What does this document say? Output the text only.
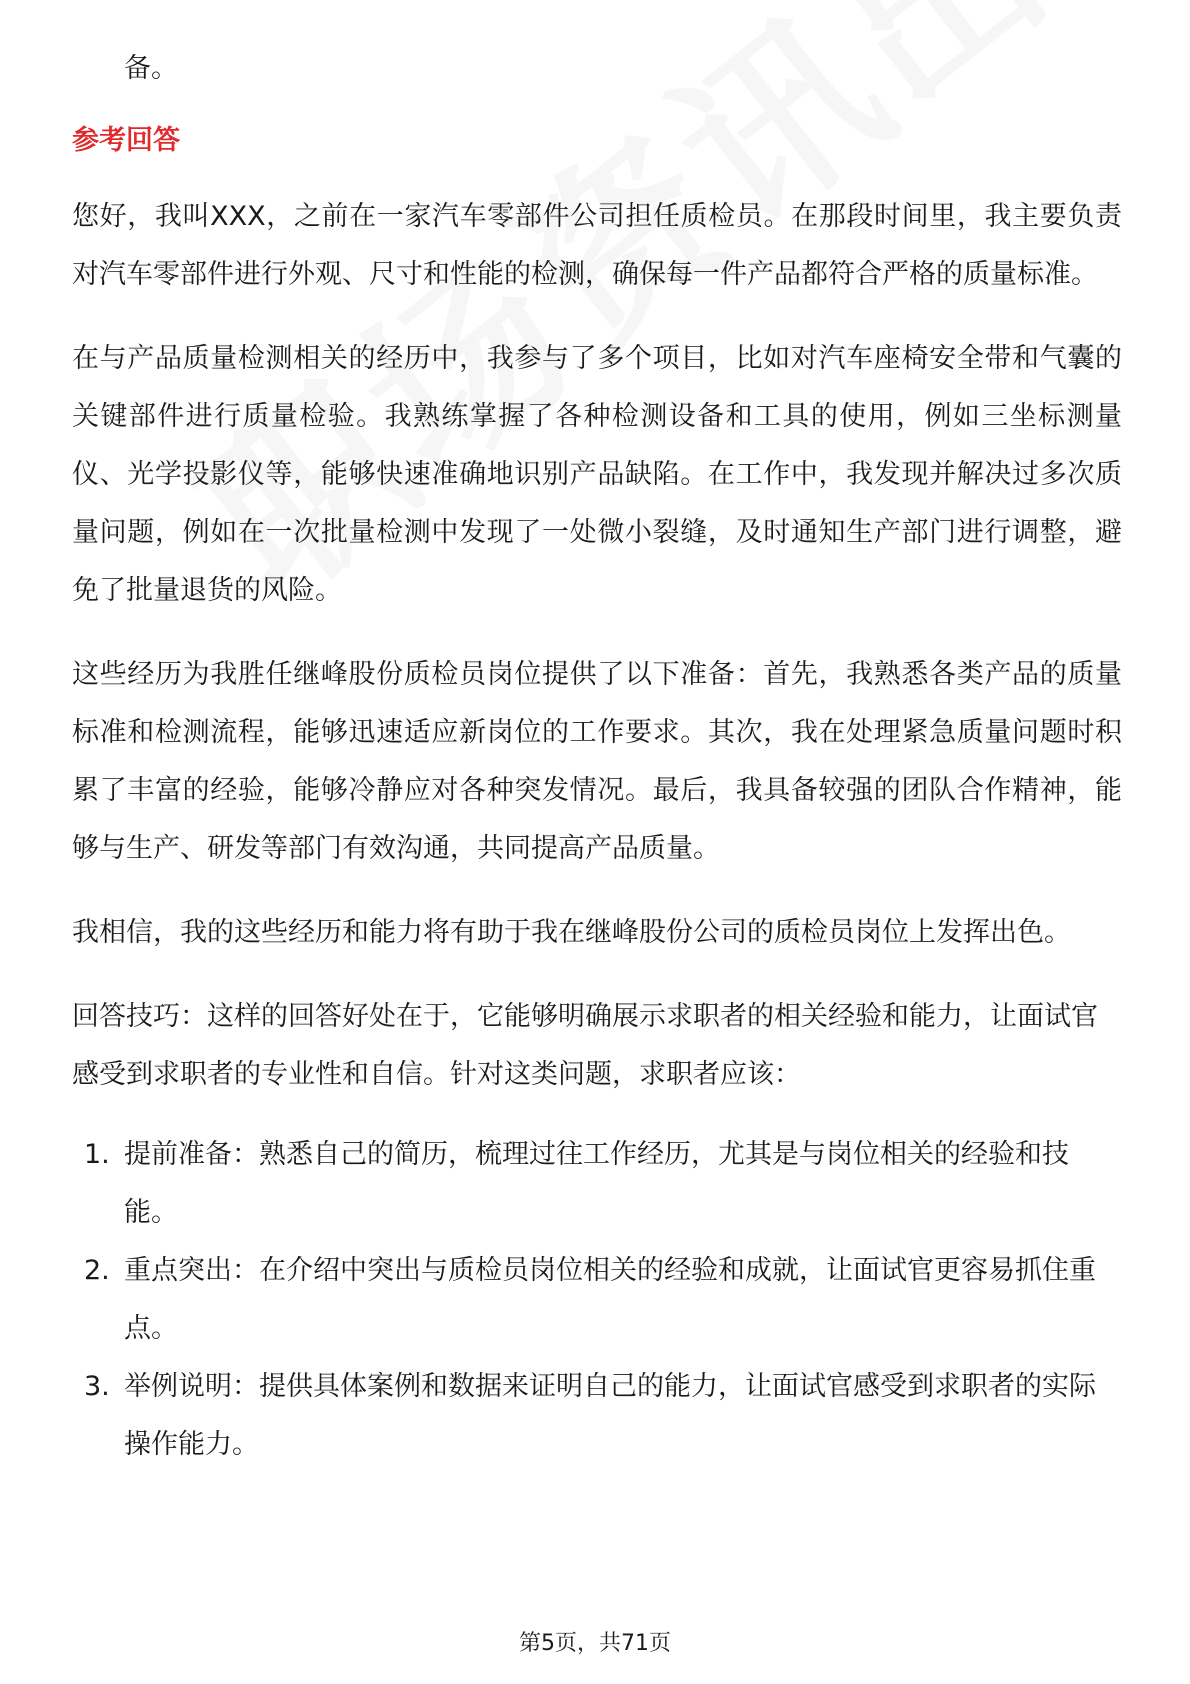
备。

参考回答

您好，我叫XXX，之前在一家汽车零部件公司担任质检员。在那段时间里，我主要负责对汽车零部件进行外观、尺寸和性能的检测，确保每一件产品都符合严格的质量标准。

在与产品质量检测相关的经历中，我参与了多个项目，比如对汽车座椅安全带和气囊的关键部件进行质量检验。我熟练掌握了各种检测设备和工具的使用，例如三坐标测量仪、光学投影仪等，能够快速准确地识别产品缺陷。在工作中，我发现并解决过多次质量问题，例如在一次批量检测中发现了一处微小裂缝，及时通知生产部门进行调整，避免了批量退货的风险。

这些经历为我胜任继峰股份质检员岗位提供了以下准备：首先，我熟悉各类产品的质量标准和检测流程，能够迅速适应新岗位的工作要求。其次，我在处理紧急质量问题时积累了丰富的经验，能够冷静应对各种突发情况。最后，我具备较强的团队合作精神，能够与生产、研发等部门有效沟通，共同提高产品质量。

我相信，我的这些经历和能力将有助于我在继峰股份公司的质检员岗位上发挥出色。

回答技巧：这样的回答好处在于，它能够明确展示求职者的相关经验和能力，让面试官感受到求职者的专业性和自信。针对这类问题，求职者应该：

1. 提前准备：熟悉自己的简历，梳理过往工作经历，尤其是与岗位相关的经验和技能。
2. 重点突出：在介绍中突出与质检员岗位相关的经验和成就，让面试官更容易抓住重点。
3. 举例说明：提供具体案例和数据来证明自己的能力，让面试官感受到求职者的实际操作能力。
第5页，共71页
